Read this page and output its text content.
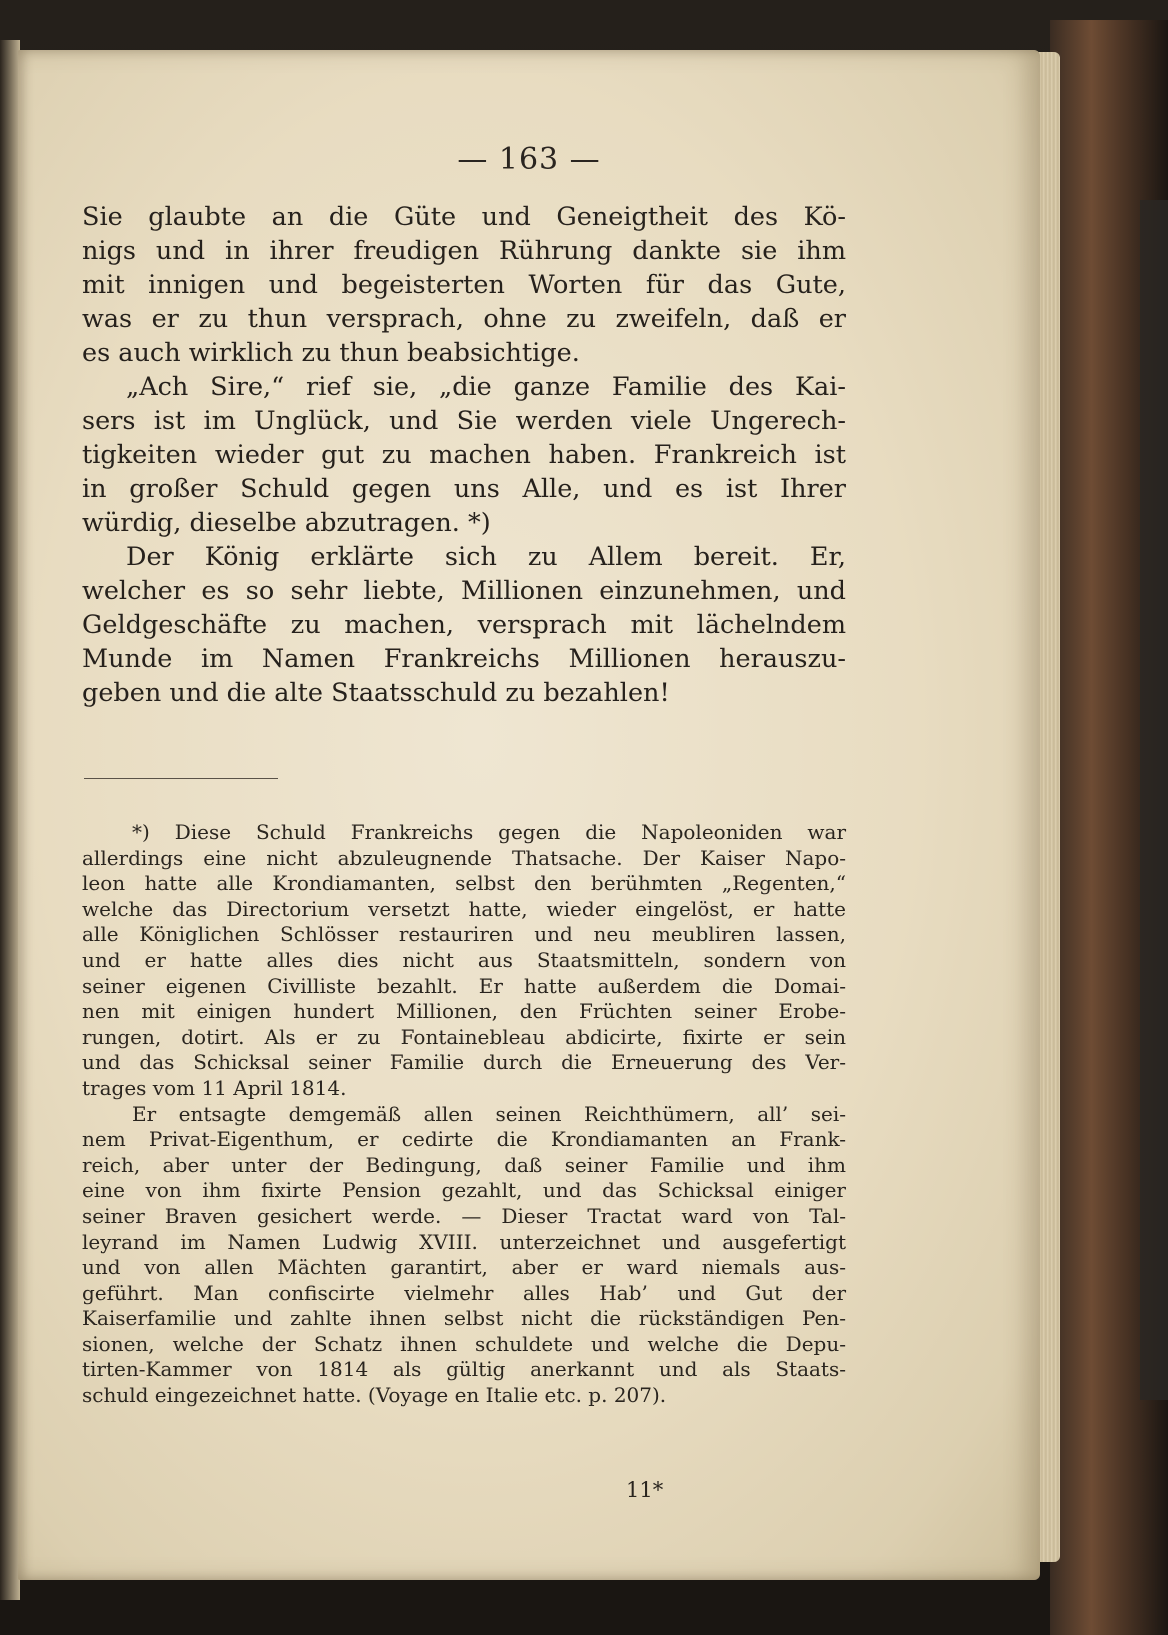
— 163 —
Sie glaubte an die Güte und Geneigtheit des Kö-
nigs und in ihrer freudigen Rührung dankte sie ihm
mit innigen und begeisterten Worten für das Gute,
was er zu thun versprach, ohne zu zweifeln, daß er
es auch wirklich zu thun beabsichtige.
„Ach Sire,“ rief sie, „die ganze Familie des Kai-
sers ist im Unglück, und Sie werden viele Ungerech-
tigkeiten wieder gut zu machen haben. Frankreich ist
in großer Schuld gegen uns Alle, und es ist Ihrer
würdig, dieselbe abzutragen. *)
Der König erklärte sich zu Allem bereit. Er,
welcher es so sehr liebte, Millionen einzunehmen, und
Geldgeschäfte zu machen, versprach mit lächelndem
Munde im Namen Frankreichs Millionen herauszu-
geben und die alte Staatsschuld zu bezahlen!
*) Diese Schuld Frankreichs gegen die Napoleoniden war
allerdings eine nicht abzuleugnende Thatsache. Der Kaiser Napo-
leon hatte alle Krondiamanten, selbst den berühmten „Regenten,“
welche das Directorium versetzt hatte, wieder eingelöst, er hatte
alle Königlichen Schlösser restauriren und neu meubliren lassen,
und er hatte alles dies nicht aus Staatsmitteln, sondern von
seiner eigenen Civilliste bezahlt. Er hatte außerdem die Domai-
nen mit einigen hundert Millionen, den Früchten seiner Erobe-
rungen, dotirt. Als er zu Fontainebleau abdicirte, fixirte er sein
und das Schicksal seiner Familie durch die Erneuerung des Ver-
trages vom 11 April 1814.
Er entsagte demgemäß allen seinen Reichthümern, all’ sei-
nem Privat-Eigenthum, er cedirte die Krondiamanten an Frank-
reich, aber unter der Bedingung, daß seiner Familie und ihm
eine von ihm fixirte Pension gezahlt, und das Schicksal einiger
seiner Braven gesichert werde. — Dieser Tractat ward von Tal-
leyrand im Namen Ludwig XVIII. unterzeichnet und ausgefertigt
und von allen Mächten garantirt, aber er ward niemals aus-
geführt. Man confiscirte vielmehr alles Hab’ und Gut der
Kaiserfamilie und zahlte ihnen selbst nicht die rückständigen Pen-
sionen, welche der Schatz ihnen schuldete und welche die Depu-
tirten-Kammer von 1814 als gültig anerkannt und als Staats-
schuld eingezeichnet hatte. (Voyage en Italie etc. p. 207).
11*
